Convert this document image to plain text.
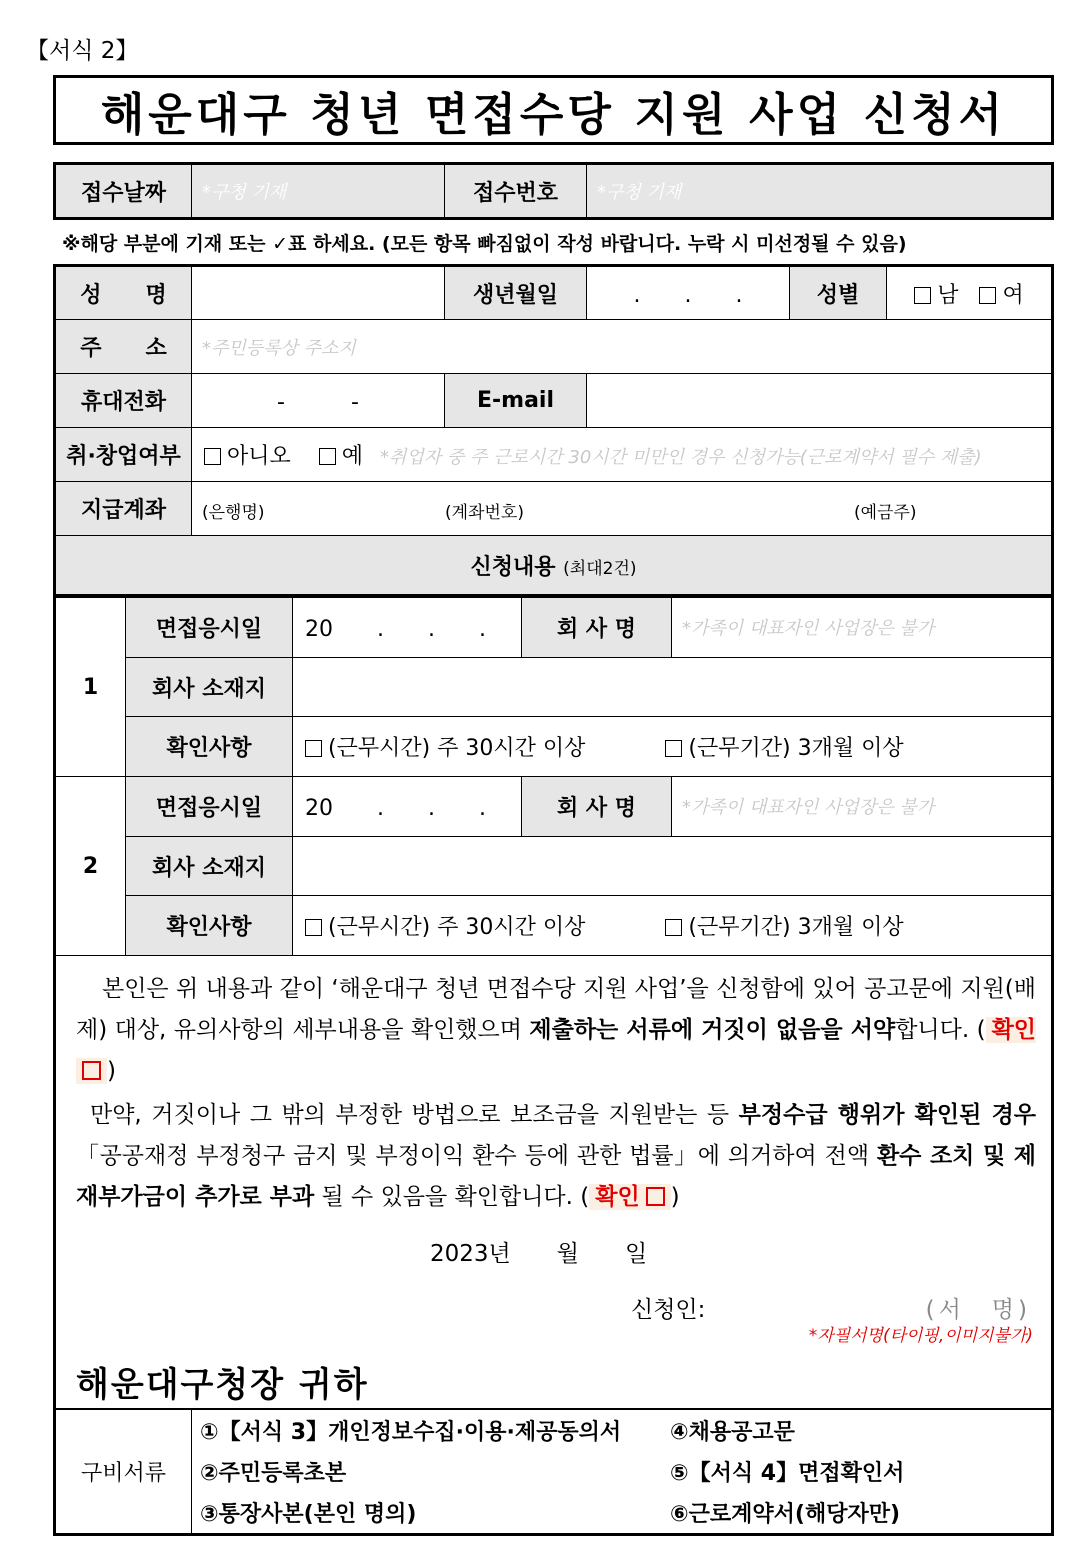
【서식 2】
해운대구 청년 면접수당 지원 사업 신청서
접수날짜	*구청 기재	접수번호	*구청 기재
※해당 부분에 기재 또는 ✓표 하세요. (모든 항목 빠짐없이 작성 바랍니다. 누락 시 미선정될 수 있음)
성　　명		생년월일	.　　.　　.	성별	남 여
주　　소	*주민등록상 주소지				
휴대전화	-　　　-	E-mail			
취·창업여부	아니오 예 *취업자 중 주 근로시간 30시간 미만인 경우 신청가능(근로계약서 필수 제출)				
지급계좌	(은행명) (계좌번호) (예금주)				

신청내용 (최대2건)					
1	면접응시일	20　　.　　.　　.	회 사 명	*가족이 대표자인 사업장은 불가
	회사 소재지			
	확인사항	(근무시간) 주 30시간 이상 (근무기간) 3개월 이상		
2	면접응시일	20　　.　　.　　.	회 사 명	*가족이 대표자인 사업장은 불가
	회사 소재지			
	확인사항	(근무시간) 주 30시간 이상 (근무기간) 3개월 이상		
본인은 위 내용과 같이 ‘해운대구 청년 면접수당 지원 사업’을 신청함에 있어 공고문에 지원(배제) 대상, 유의사항의 세부내용을 확인했으며 제출하는 서류에 거짓이 없음을 서약합니다. ( 확인)
만약, 거짓이나 그 밖의 부정한 방법으로 보조금을 지원받는 등 부정수급 행위가 확인된 경우 「공공재정 부정청구 금지 및 부정이익 환수 등에 관한 법률」에 의거하여 전액 환수 조치 및 제재부가금이 추가로 부과 될 수 있음을 확인합니다. ( 확인 )
2023년　　월　　일
신청인:	(서　명)
*자필서명(타이핑,이미지불가)
해운대구청장 귀하
구비서류	
①【서식 3】개인정보수집·이용·제공동의서	④채용공고문
②주민등록초본	⑤【서식 4】면접확인서
③통장사본(본인 명의)	⑥근로계약서(해당자만)
